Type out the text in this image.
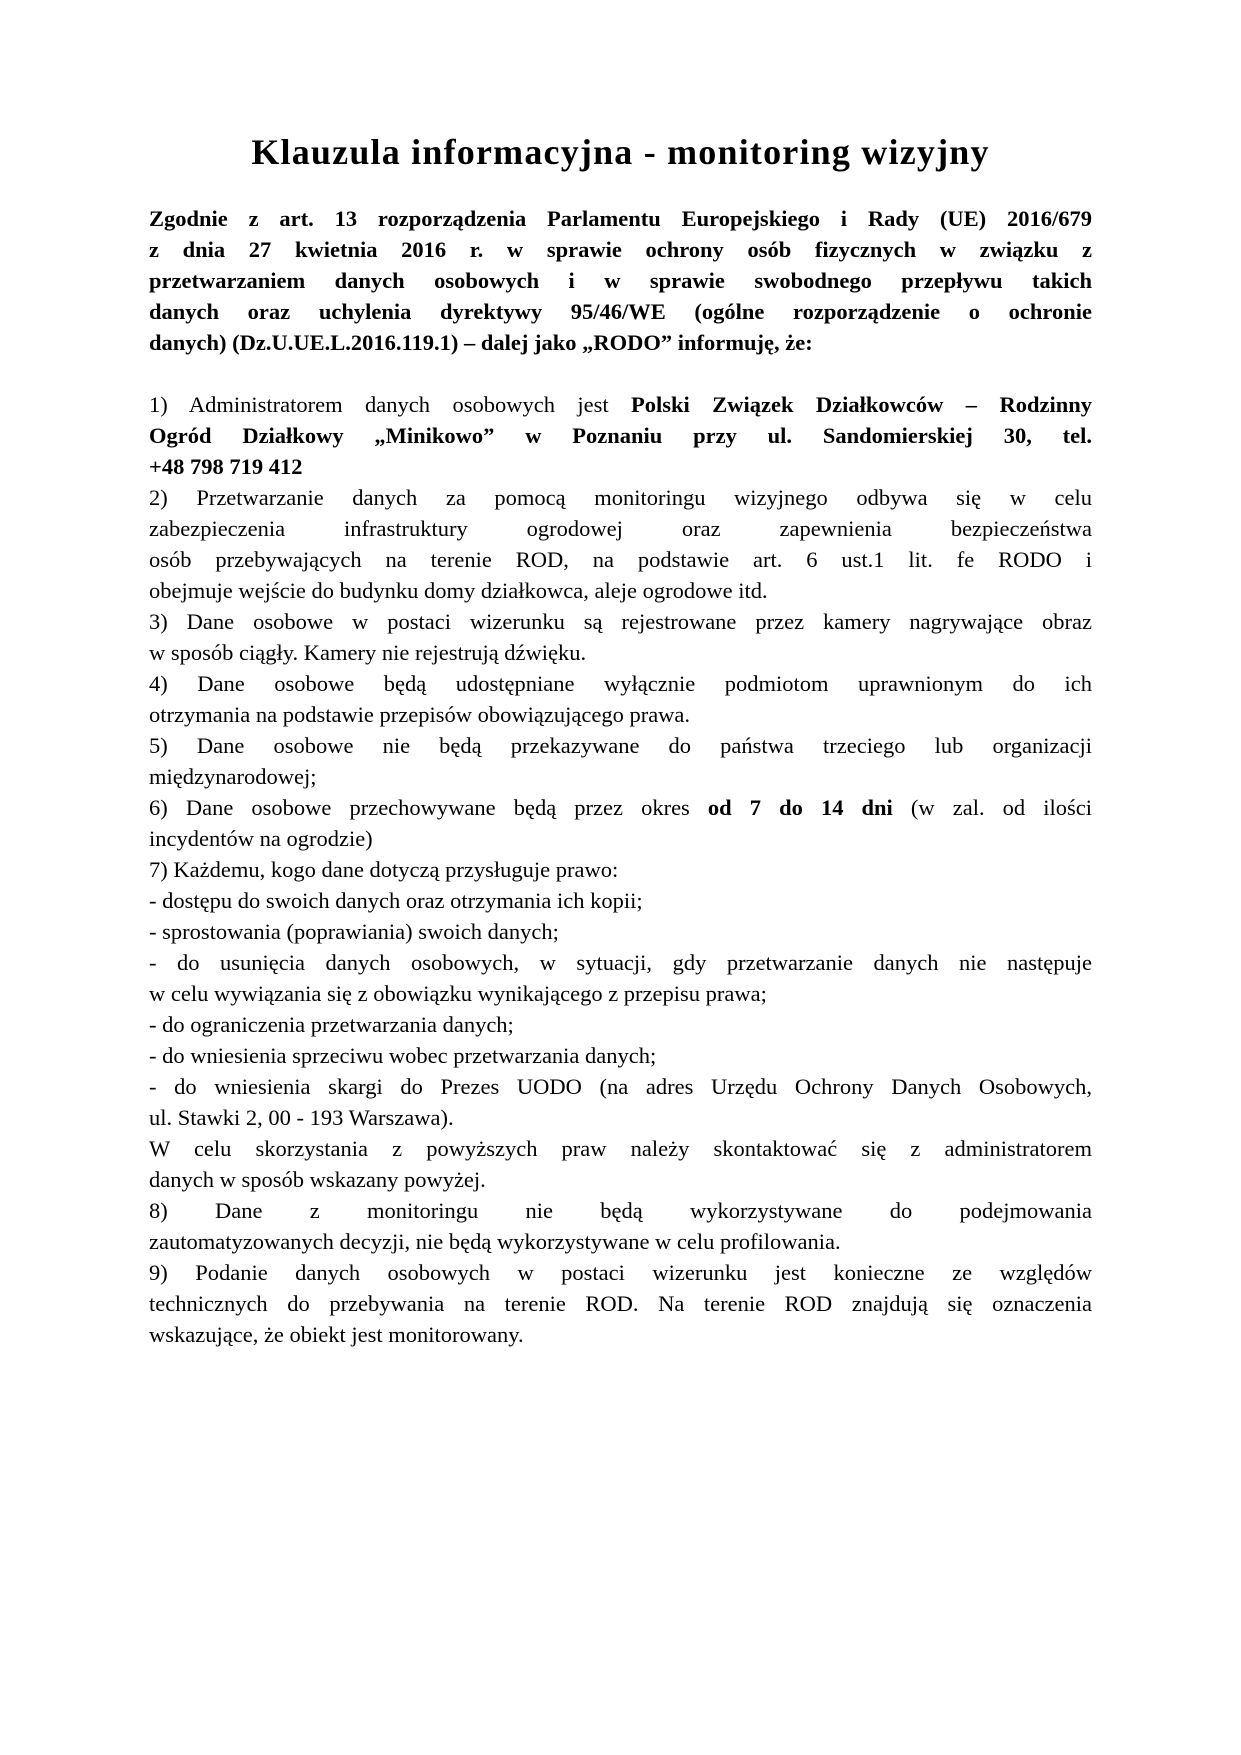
Klauzula informacyjna - monitoring wizyjny
Zgodnie z art. 13 rozporządzenia Parlamentu Europejskiego i Rady (UE) 2016/679
z dnia 27 kwietnia 2016 r. w sprawie ochrony osób fizycznych w związku z
przetwarzaniem danych osobowych i w sprawie swobodnego przepływu takich
danych oraz uchylenia dyrektywy 95/46/WE (ogólne rozporządzenie o ochronie
danych) (Dz.U.UE.L.2016.119.1) – dalej jako „RODO” informuję, że:
1) Administratorem danych osobowych jest Polski Związek Działkowców – Rodzinny
Ogród Działkowy „Minikowo” w Poznaniu przy ul. Sandomierskiej 30, tel.
+48 798 719 412
2) Przetwarzanie danych za pomocą monitoringu wizyjnego odbywa się w celu
zabezpieczenia infrastruktury ogrodowej oraz zapewnienia bezpieczeństwa
osób przebywających na terenie ROD, na podstawie art. 6 ust.1 lit. fe RODO i
obejmuje wejście do budynku domy działkowca, aleje ogrodowe itd.
3) Dane osobowe w postaci wizerunku są rejestrowane przez kamery nagrywające obraz
w sposób ciągły. Kamery nie rejestrują dźwięku.
4) Dane osobowe będą udostępniane wyłącznie podmiotom uprawnionym do ich
otrzymania na podstawie przepisów obowiązującego prawa.
5) Dane osobowe nie będą przekazywane do państwa trzeciego lub organizacji
międzynarodowej;
6) Dane osobowe przechowywane będą przez okres od 7 do 14 dni (w zal. od ilości
incydentów na ogrodzie)
7) Każdemu, kogo dane dotyczą przysługuje prawo:
- dostępu do swoich danych oraz otrzymania ich kopii;
- sprostowania (poprawiania) swoich danych;
- do usunięcia danych osobowych, w sytuacji, gdy przetwarzanie danych nie następuje
w celu wywiązania się z obowiązku wynikającego z przepisu prawa;
- do ograniczenia przetwarzania danych;
- do wniesienia sprzeciwu wobec przetwarzania danych;
- do wniesienia skargi do Prezes UODO (na adres Urzędu Ochrony Danych Osobowych,
ul. Stawki 2, 00 - 193 Warszawa).
W celu skorzystania z powyższych praw należy skontaktować się z administratorem
danych w sposób wskazany powyżej.
8) Dane z monitoringu nie będą wykorzystywane do podejmowania
zautomatyzowanych decyzji, nie będą wykorzystywane w celu profilowania.
9) Podanie danych osobowych w postaci wizerunku jest konieczne ze względów
technicznych do przebywania na terenie ROD. Na terenie ROD znajdują się oznaczenia
wskazujące, że obiekt jest monitorowany.
